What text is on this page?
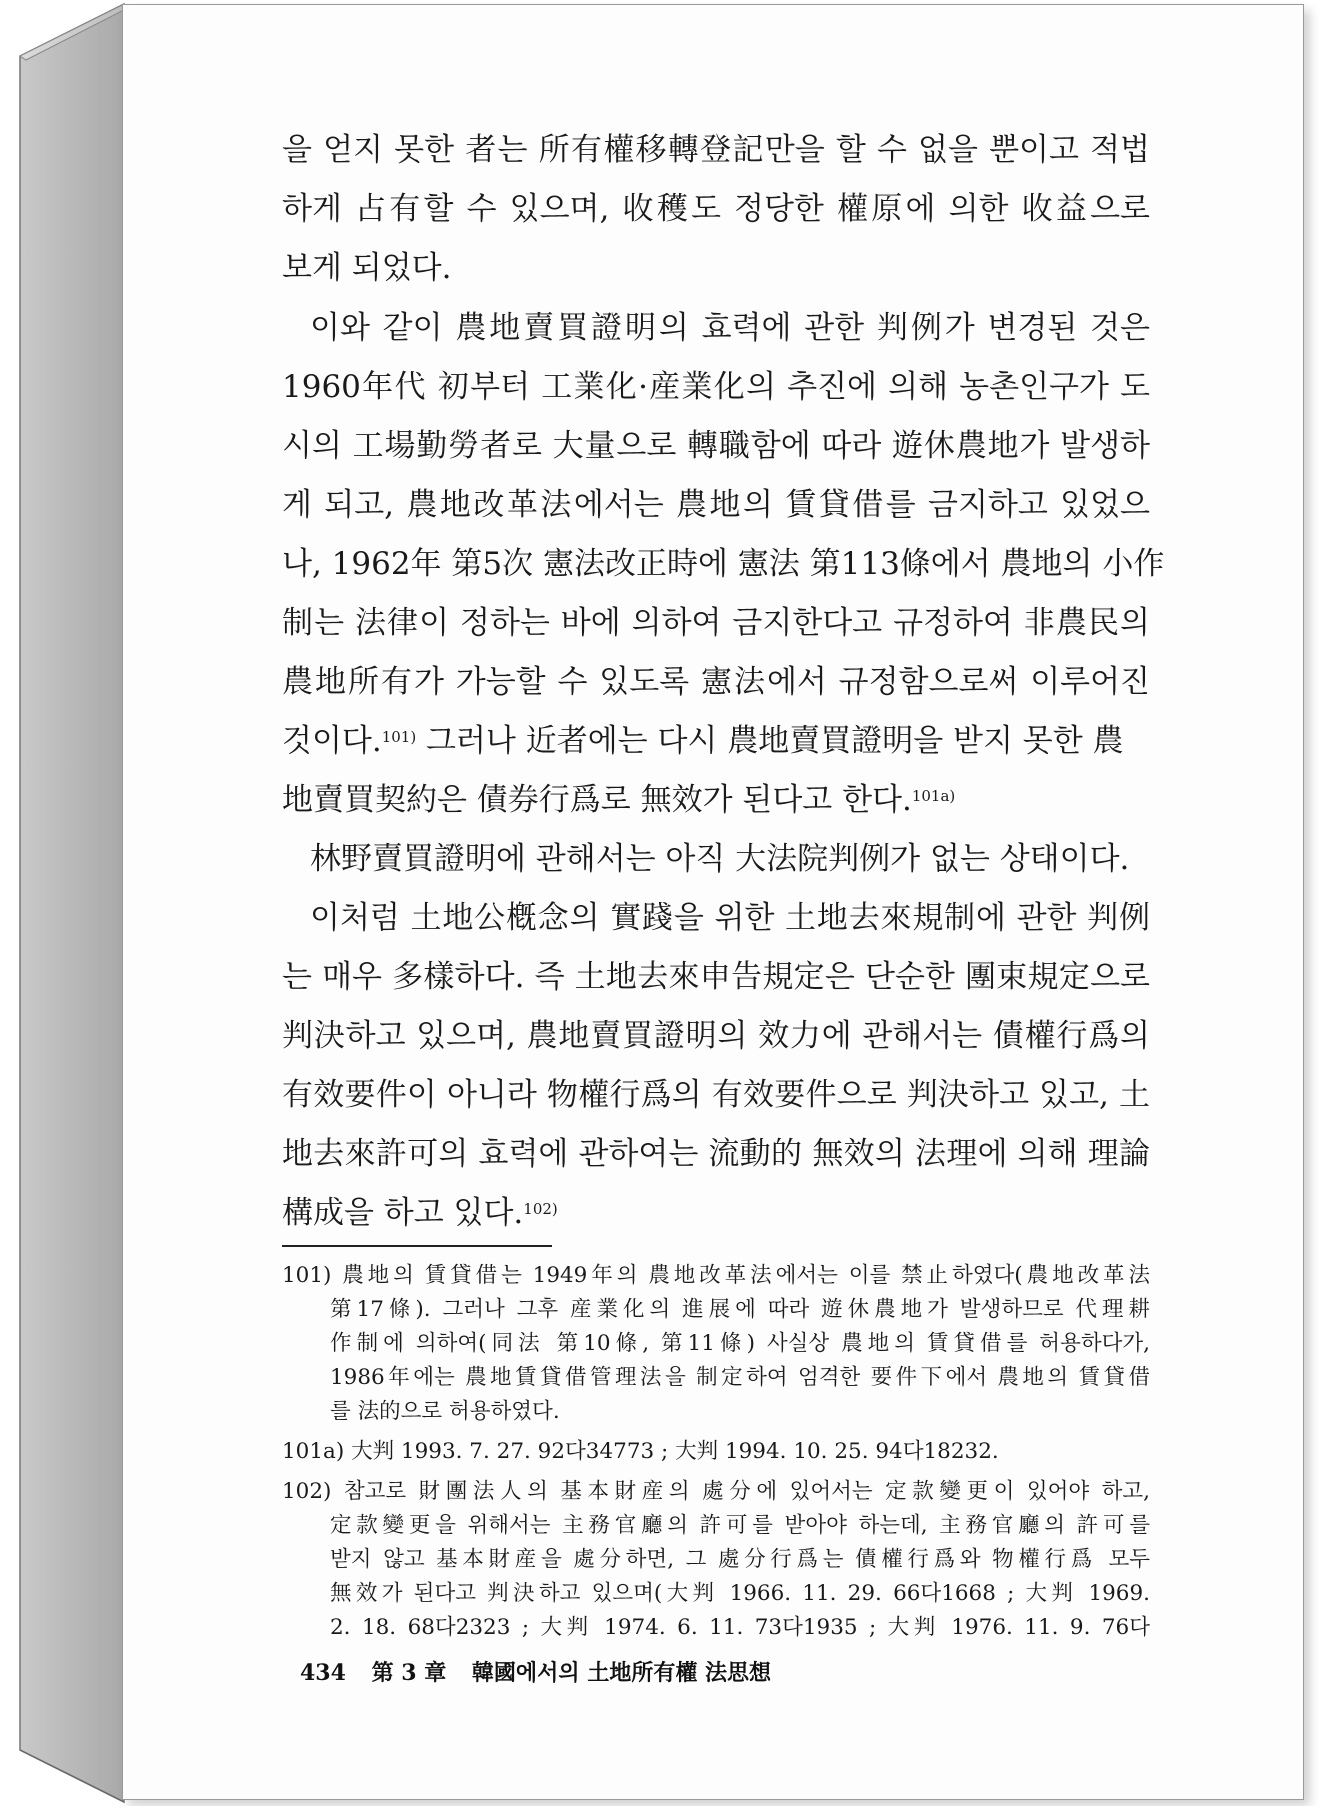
을 얻지 못한 者는 所有權移轉登記만을 할 수 없을 뿐이고 적법
하게 占有할 수 있으며, 收穫도 정당한 權原에 의한 收益으로
보게 되었다.
이와 같이 農地賣買證明의 효력에 관한 判例가 변경된 것은
1960年代 初부터 工業化·産業化의 추진에 의해 농촌인구가 도
시의 工場勤勞者로 大量으로 轉職함에 따라 遊休農地가 발생하
게 되고, 農地改革法에서는 農地의 賃貸借를 금지하고 있었으
나, 1962年 第5次 憲法改正時에 憲法 第113條에서 農地의 小作
制는 法律이 정하는 바에 의하여 금지한다고 규정하여 非農民의
農地所有가 가능할 수 있도록 憲法에서 규정함으로써 이루어진
것이다.$^{101)}$ 그러나 近者에는 다시 農地賣買證明을 받지 못한 農
地賣買契約은 債券行爲로 無效가 된다고 한다.$^{101a)}$
林野賣買證明에 관해서는 아직 大法院判例가 없는 상태이다.
이처럼 土地公槪念의 實踐을 위한 土地去來規制에 관한 判例
는 매우 多樣하다. 즉 土地去來申告規定은 단순한 團束規定으로
判決하고 있으며, 農地賣買證明의 效力에 관해서는 債權行爲의
有效要件이 아니라 物權行爲의 有效要件으로 判決하고 있고, 土
地去來許可의 효력에 관하여는 流動的 無效의 法理에 의해 理論
構成을 하고 있다.$^{102)}$
101) 農地의 賃貸借는 1949年의 農地改革法에서는 이를 禁止하였다(農地改革法
第17條). 그러나 그후 産業化의 進展에 따라 遊休農地가 발생하므로 代理耕
作制에 의하여(同法 第10條, 第11條) 사실상 農地의 賃貸借를 허용하다가,
1986年에는 農地賃貸借管理法을 制定하여 엄격한 要件下에서 農地의 賃貸借
를 法的으로 허용하였다.
101a) 大判 1993. 7. 27. 92다34773 ; 大判 1994. 10. 25. 94다18232.
102) 참고로 財團法人의 基本財産의 處分에 있어서는 定款變更이 있어야 하고,
定款變更을 위해서는 主務官廳의 許可를 받아야 하는데, 主務官廳의 許可를
받지 않고 基本財産을 處分하면, 그 處分行爲는 債權行爲와 物權行爲 모두
無效가 된다고 判決하고 있으며(大判 1966. 11. 29. 66다1668 ; 大判 1969.
2. 18. 68다2323 ; 大判 1974. 6. 11. 73다1935 ; 大判 1976. 11. 9. 76다
434 第 3 章 韓國에서의 土地所有權 法思想
